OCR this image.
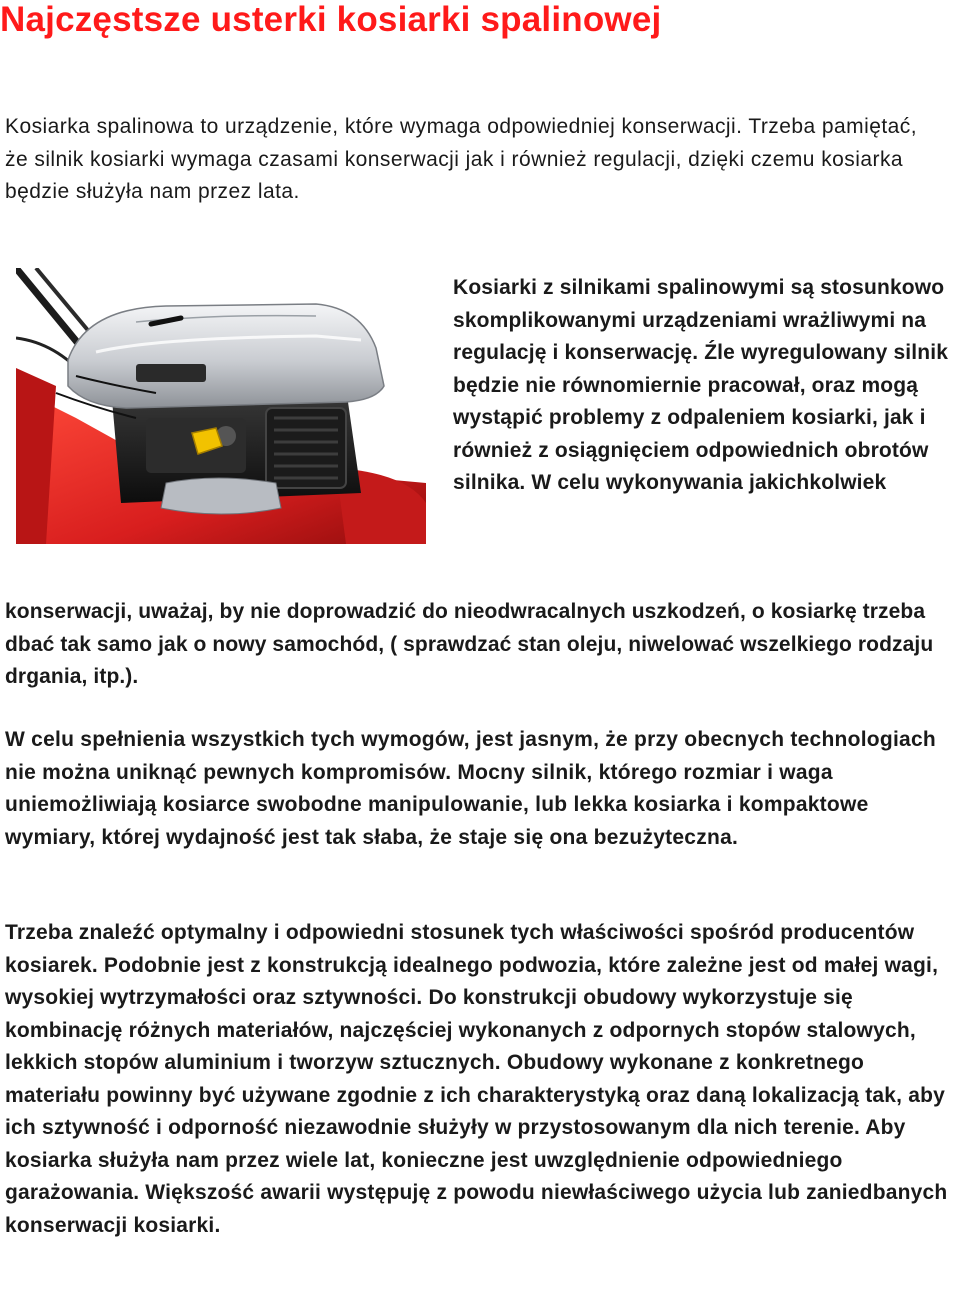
Najczęstsze usterki kosiarki spalinowej

Kosiarka spalinowa to urządzenie, które wymaga odpowiedniej konserwacji. Trzeba pamiętać, że silnik kosiarki wymaga czasami konserwacji jak i również regulacji, dzięki czemu kosiarka będzie służyła nam przez lata.

Kosiarki z silnikami spalinowymi są stosunkowo skomplikowanymi urządzeniami wrażliwymi na regulację i konserwację. Źle wyregulowany silnik będzie nie równomiernie pracował, oraz mogą wystąpić problemy z odpaleniem kosiarki, jak i również z osiągnięciem odpowiednich obrotów silnika. W celu wykonywania jakichkolwiek

konserwacji, uważaj, by nie doprowadzić do nieodwracalnych uszkodzeń, o kosiarkę trzeba dbać tak samo jak o nowy samochód, ( sprawdzać stan oleju, niwelować wszelkiego rodzaju drgania, itp.).

W celu spełnienia wszystkich tych wymogów, jest jasnym, że przy obecnych technologiach nie można uniknąć pewnych kompromisów. Mocny silnik, którego rozmiar i waga uniemożliwiają kosiarce swobodne manipulowanie, lub lekka kosiarka i kompaktowe wymiary, której wydajność jest tak słaba, że staje się ona bezużyteczna.

Trzeba znaleźć optymalny i odpowiedni stosunek tych właściwości spośród producentów kosiarek. Podobnie jest z konstrukcją idealnego podwozia, które zależne jest od małej wagi, wysokiej wytrzymałości oraz sztywności. Do konstrukcji obudowy wykorzystuje się kombinację różnych materiałów, najczęściej wykonanych z odpornych stopów stalowych, lekkich stopów aluminium i tworzyw sztucznych. Obudowy wykonane z konkretnego materiału powinny być używane zgodnie z ich charakterystyką oraz daną lokalizacją tak, aby ich sztywność i odporność niezawodnie służyły w przystosowanym dla nich terenie. Aby kosiarka służyła nam przez wiele lat, konieczne jest uwzględnienie odpowiedniego garażowania. Większość awarii występuję z powodu niewłaściwego użycia lub zaniedbanych konserwacji kosiarki.
